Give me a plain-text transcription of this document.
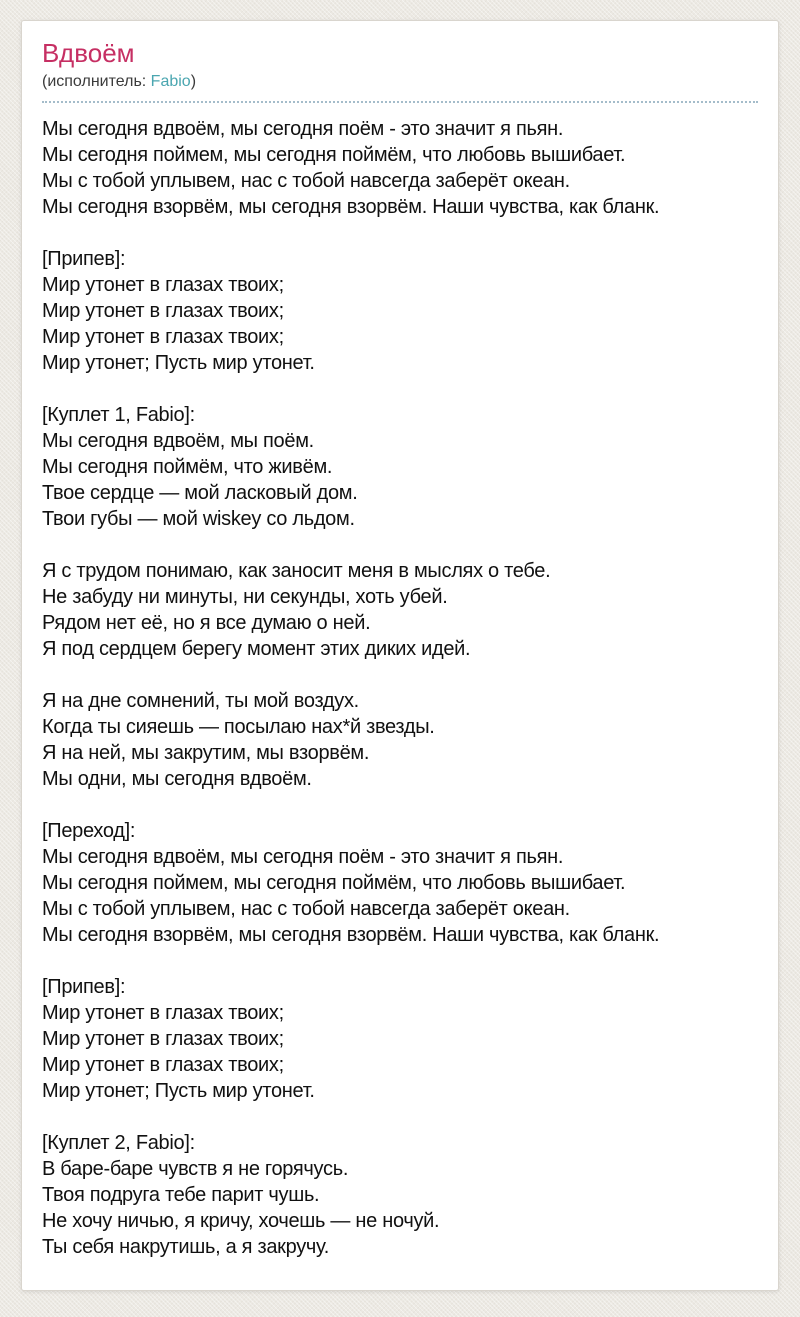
Вдвоём
(исполнитель: Fabio)
Мы сегодня вдвоём, мы сегодня поём - это значит я пьян.
Мы сегодня поймем, мы сегодня поймём, что любовь вышибает.
Мы с тобой уплывем, нас с тобой навсегда заберёт океан.
Мы сегодня взорвём, мы сегодня взорвём. Наши чувства, как бланк.
[Припев]:
Мир утонет в глазах твоих;
Мир утонет в глазах твоих;
Мир утонет в глазах твоих;
Мир утонет; Пусть мир утонет.
[Куплет 1, Fabio]:
Мы сегодня вдвоём, мы поём.
Мы сегодня поймём, что живём.
Твое сердце — мой ласковый дом.
Твои губы — мой wiskey со льдом.
Я с трудом понимаю, как заносит меня в мыслях о тебе.
Не забуду ни минуты, ни секунды, хоть убей.
Рядом нет её, но я все думаю о ней.
Я под сердцем берегу момент этих диких идей.
Я на дне сомнений, ты мой воздух.
Когда ты сияешь — посылаю нах*й звезды.
Я на ней, мы закрутим, мы взорвём.
Мы одни, мы сегодня вдвоём.
[Переход]:
Мы сегодня вдвоём, мы сегодня поём - это значит я пьян.
Мы сегодня поймем, мы сегодня поймём, что любовь вышибает.
Мы с тобой уплывем, нас с тобой навсегда заберёт океан.
Мы сегодня взорвём, мы сегодня взорвём. Наши чувства, как бланк.
[Припев]:
Мир утонет в глазах твоих;
Мир утонет в глазах твоих;
Мир утонет в глазах твоих;
Мир утонет; Пусть мир утонет.
[Куплет 2, Fabio]:
В баре-баре чувств я не горячусь.
Твоя подруга тебе парит чушь.
Не хочу ничью, я кричу, хочешь — не ночуй.
Ты себя накрутишь, а я закручу.
